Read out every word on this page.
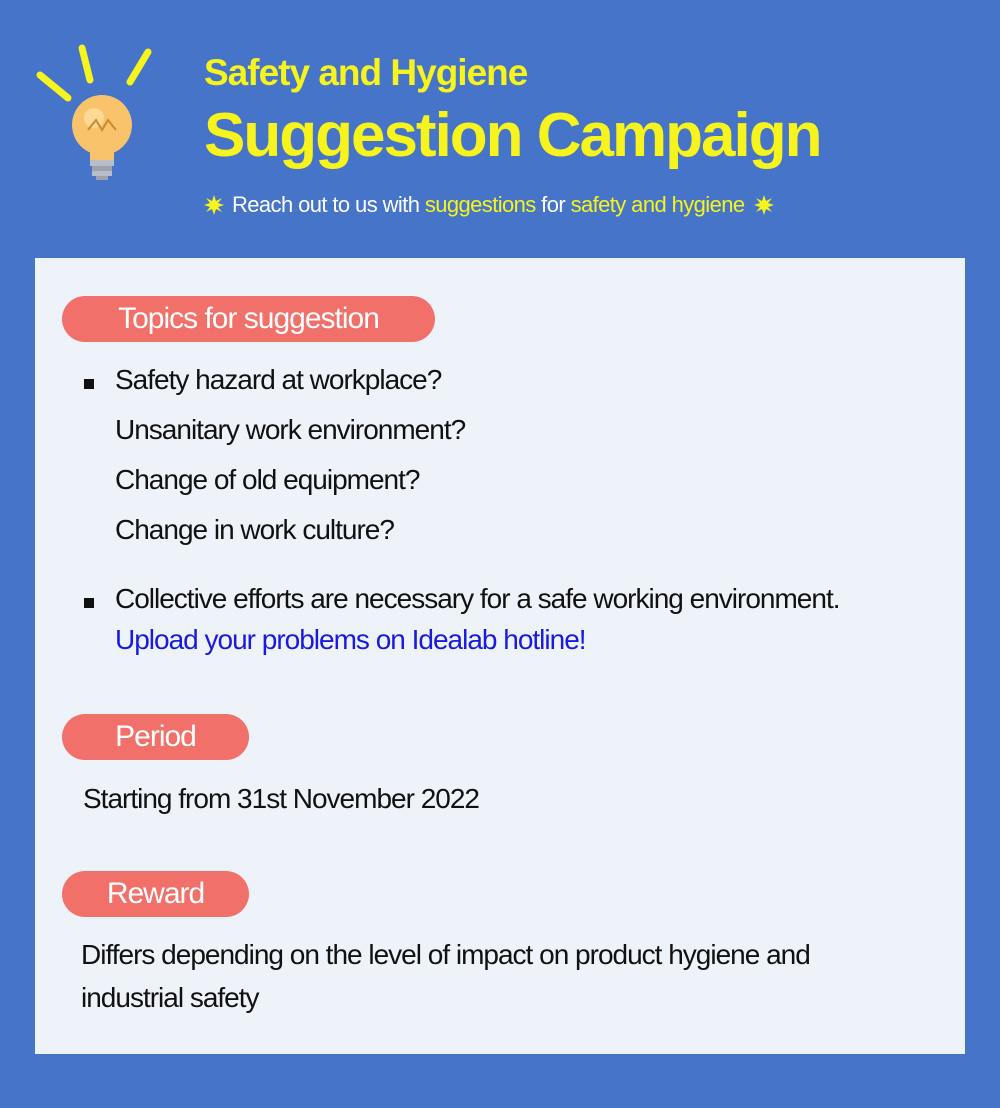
Safety and Hygiene
Suggestion Campaign
Reach out to us with suggestions for safety and hygiene
Topics for suggestion
Safety hazard at workplace?
Unsanitary work environment?
Change of old equipment?
Change in work culture?
Collective efforts are necessary for a safe working environment.
Upload your problems on Idealab hotline!
Period
Starting from 31st November 2022
Reward
Differs depending on the level of impact on product hygiene and
industrial safety
